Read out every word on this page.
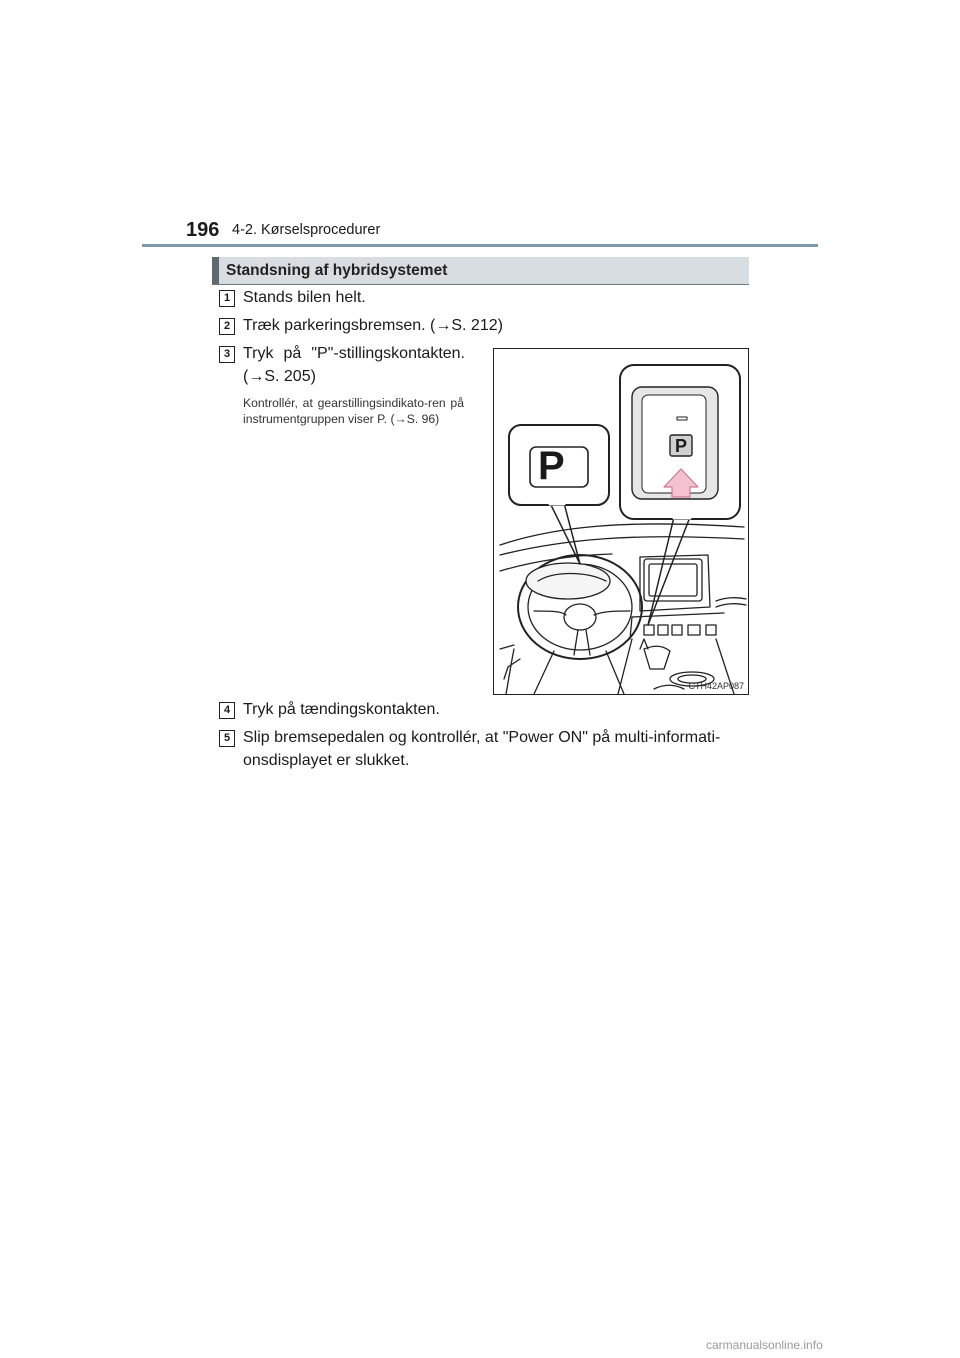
196 4-2. Kørselsprocedurer
Standsning af hybridsystemet
1 Stands bilen helt.
2 Træk parkeringsbremsen. (→S. 212)
3 Tryk på "P"-stillingskontakten.
(→S. 205)
Kontrollér, at gearstillingsindikato-ren på instrumentgruppen viser P. (→S. 96)
P	P
CTH42AP087
4 Tryk på tændingskontakten.
5 Slip bremsepedalen og kontrollér, at "Power ON" på multi-informati-
onsdisplayet er slukket.
carmanualsonline.info
